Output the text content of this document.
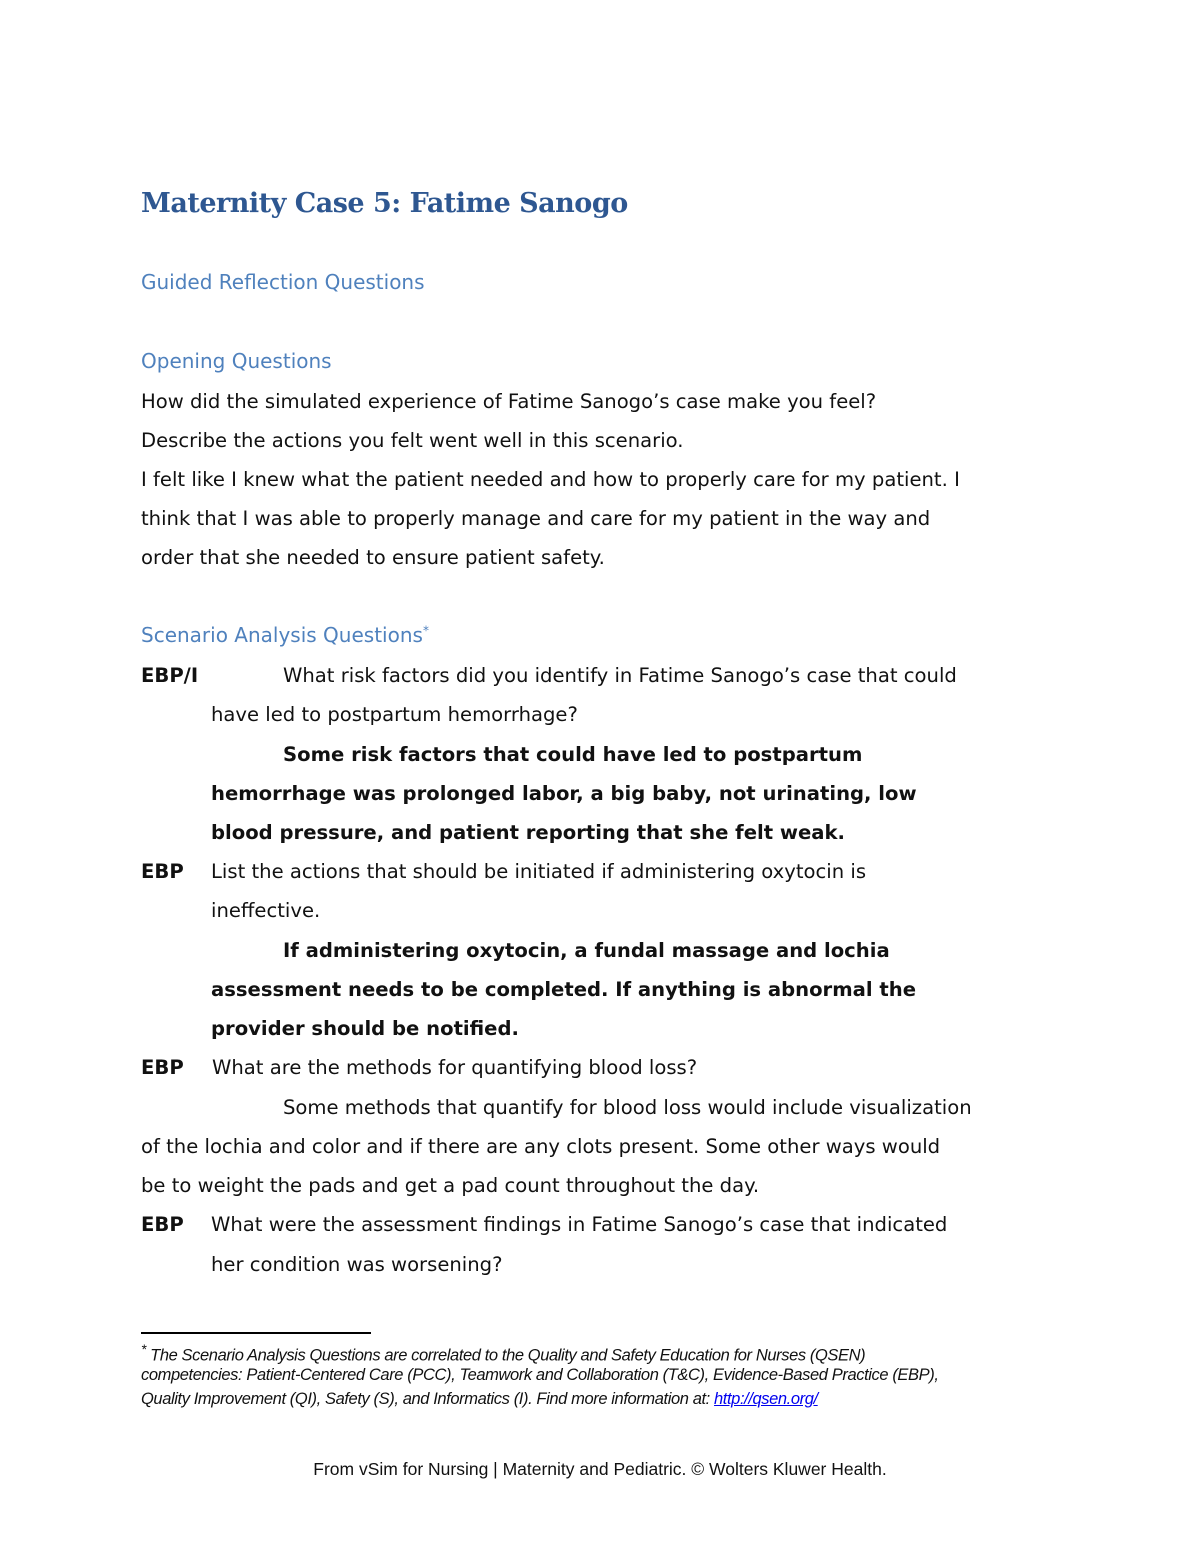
Maternity Case 5: Fatime Sanogo
Guided Reflection Questions
Opening Questions
How did the simulated experience of Fatime Sanogo’s case make you feel?
Describe the actions you felt went well in this scenario.
I felt like I knew what the patient needed and how to properly care for my patient. I
think that I was able to properly manage and care for my patient in the way and
order that she needed to ensure patient safety.
Scenario Analysis Questions*
EBP/I	What risk factors did you identify in Fatime Sanogo’s case that could
have led to postpartum hemorrhage?
Some risk factors that could have led to postpartum
hemorrhage was prolonged labor, a big baby, not urinating, low
blood pressure, and patient reporting that she felt weak.
EBP List the actions that should be initiated if administering oxytocin is
ineffective.
If administering oxytocin, a fundal massage and lochia
assessment needs to be completed. If anything is abnormal the
provider should be notified.
EBP What are the methods for quantifying blood loss?
Some methods that quantify for blood loss would include visualization
of the lochia and color and if there are any clots present. Some other ways would
be to weight the pads and get a pad count throughout the day.
EBP What were the assessment findings in Fatime Sanogo’s case that indicated
her condition was worsening?
* The Scenario Analysis Questions are correlated to the Quality and Safety Education for Nurses (QSEN)
competencies: Patient-Centered Care (PCC), Teamwork and Collaboration (T&C), Evidence-Based Practice (EBP),
Quality Improvement (QI), Safety (S), and Informatics (I). Find more information at: http://qsen.org/
From vSim for Nursing | Maternity and Pediatric. © Wolters Kluwer Health.
